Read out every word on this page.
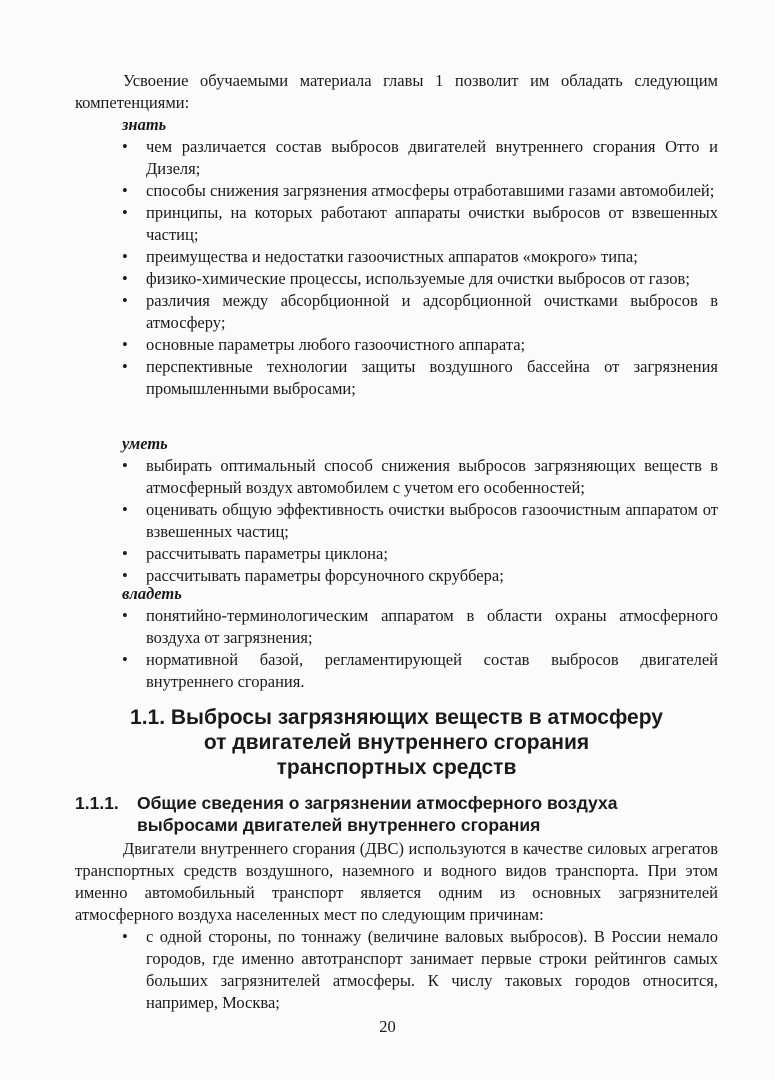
Усвоение обучаемыми материала главы 1 позволит им обладать следующим компетенциями:
знать
• чем различается состав выбросов двигателей внутреннего сгорания Отто и Дизеля;
• способы снижения загрязнения атмосферы отработавшими газами автомобилей;
• принципы, на которых работают аппараты очистки выбросов от взвешенных частиц;
• преимущества и недостатки газоочистных аппаратов «мокрого» типа;
• физико-химические процессы, используемые для очистки выбросов от газов;
• различия между абсорбционной и адсорбционной очистками выбросов в атмосферу;
• основные параметры любого газоочистного аппарата;
• перспективные технологии защиты воздушного бассейна от загрязнения промышленными выбросами;
уметь
• выбирать оптимальный способ снижения выбросов загрязняющих веществ в атмосферный воздух автомобилем с учетом его особенностей;
• оценивать общую эффективность очистки выбросов газоочистным аппаратом от взвешенных частиц;
• рассчитывать параметры циклона;
• рассчитывать параметры форсуночного скруббера;
владеть
• понятийно-терминологическим аппаратом в области охраны атмосферного воздуха от загрязнения;
• нормативной базой, регламентирующей состав выбросов двигателей внутреннего сгорания.
1.1. Выбросы загрязняющих веществ в атмосферу
от двигателей внутреннего сгорания
транспортных средств
1.1.1. Общие сведения о загрязнении атмосферного воздуха
выбросами двигателей внутреннего сгорания
Двигатели внутреннего сгорания (ДВС) используются в качестве силовых агрегатов транспортных средств воздушного, наземного и водного видов транспорта. При этом именно автомобильный транспорт является одним из основных загрязнителей атмосферного воздуха населенных мест по следующим причинам:
• с одной стороны, по тоннажу (величине валовых выбросов). В России немало городов, где именно автотранспорт занимает первые строки рейтингов самых больших загрязнителей атмосферы. К числу таковых городов относится, например, Москва;
20
